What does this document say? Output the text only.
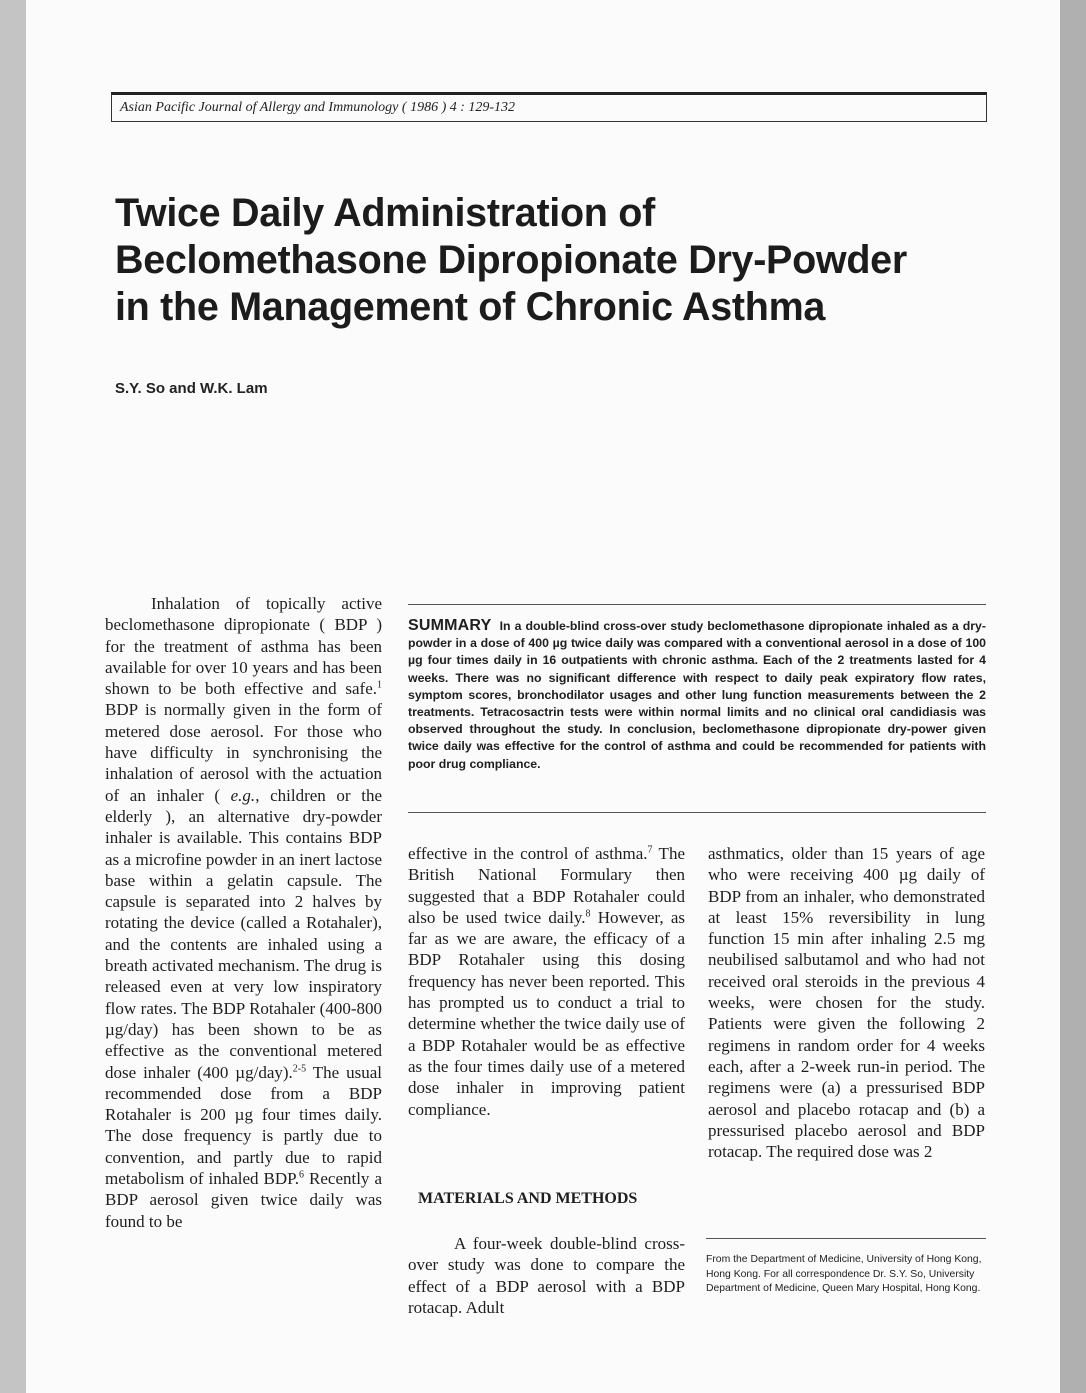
Asian Pacific Journal of Allergy and Immunology ( 1986 ) 4 : 129-132
Twice Daily Administration of
Beclomethasone Dipropionate Dry-Powder
in the Management of Chronic Asthma
S.Y. So and W.K. Lam

Inhalation of topically active beclomethasone dipropionate ( BDP ) for the treatment of asthma has been available for over 10 years and has been shown to be both effective and safe.$^1$ BDP is normally given in the form of metered dose aerosol. For those who have difficulty in synchronising the inhalation of aerosol with the actuation of an inhaler ( e.g., children or the elderly ), an alternative dry-powder inhaler is available. This contains BDP as a microfine powder in an inert lactose base within a gelatin capsule. The capsule is separated into 2 halves by rotating the device (called a Rotahaler), and the contents are inhaled using a breath activated mechanism. The drug is released even at very low inspiratory flow rates. The BDP Rotahaler (400-800 µg/day) has been shown to be as effective as the conventional metered dose inhaler (400 µg/day).$^{2-5}$ The usual recommended dose from a BDP Rotahaler is 200 µg four times daily. The dose frequency is partly due to convention, and partly due to rapid metabolism of inhaled BDP.$^6$ Recently a BDP aerosol given twice daily was found to be

SUMMARY In a double-blind cross-over study beclomethasone dipropionate inhaled as a dry-powder in a dose of 400 µg twice daily was compared with a conventional aerosol in a dose of 100 µg four times daily in 16 outpatients with chronic asthma. Each of the 2 treatments lasted for 4 weeks. There was no significant difference with respect to daily peak expiratory flow rates, symptom scores, bronchodilator usages and other lung function measurements between the 2 treatments. Tetracosactrin tests were within normal limits and no clinical oral candidiasis was observed throughout the study. In conclusion, beclomethasone dipropionate dry-power given twice daily was effective for the control of asthma and could be recommended for patients with poor drug compliance.

effective in the control of asthma.$^7$ The British National Formulary then suggested that a BDP Rotahaler could also be used twice daily.$^8$ However, as far as we are aware, the efficacy of a BDP Rotahaler using this dosing frequency has never been reported. This has prompted us to conduct a trial to determine whether the twice daily use of a BDP Rotahaler would be as effective as the four times daily use of a metered dose inhaler in improving patient compliance.

MATERIALS AND METHODS

A four-week double-blind cross-over study was done to compare the effect of a BDP aerosol with a BDP rotacap. Adult

asthmatics, older than 15 years of age who were receiving 400 µg daily of BDP from an inhaler, who demonstrated at least 15% reversibility in lung function 15 min after inhaling 2.5 mg neubilised salbutamol and who had not received oral steroids in the previous 4 weeks, were chosen for the study. Patients were given the following 2 regimens in random order for 4 weeks each, after a 2-week run-in period. The regimens were (a) a pressurised BDP aerosol and placebo rotacap and (b) a pressurised placebo aerosol and BDP rotacap. The required dose was 2

From the Department of Medicine, University of Hong Kong, Hong Kong. For all correspondence Dr. S.Y. So, University Department of Medicine, Queen Mary Hospital, Hong Kong.
